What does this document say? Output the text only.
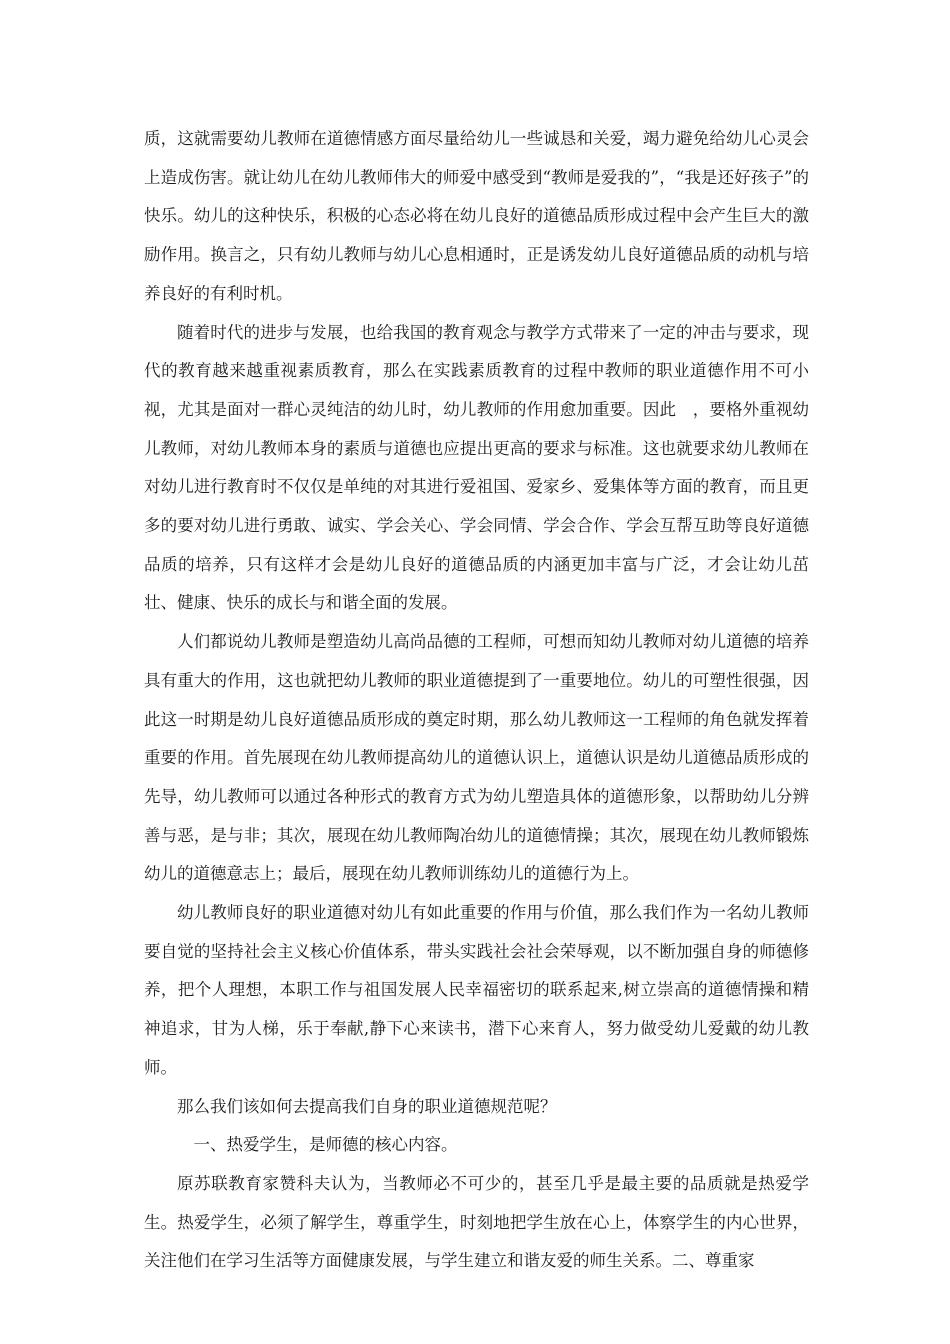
质，这就需要幼儿教师在道德情感方面尽量给幼儿一些诚恳和关爱，竭力避免给幼儿心灵会上造成伤害。就让幼儿在幼儿教师伟大的师爱中感受到“教师是爱我的”，“我是还好孩子”的快乐。幼儿的这种快乐，积极的心态必将在幼儿良好的道德品质形成过程中会产生巨大的激励作用。换言之，只有幼儿教师与幼儿心息相通时，正是诱发幼儿良好道德品质的动机与培养良好的有利时机。

随着时代的进步与发展，也给我国的教育观念与教学方式带来了一定的冲击与要求，现代的教育越来越重视素质教育，那么在实践素质教育的过程中教师的职业道德作用不可小视，尤其是面对一群心灵纯洁的幼儿时，幼儿教师的作用愈加重要。因此　，要格外重视幼儿教师，对幼儿教师本身的素质与道德也应提出更高的要求与标准。这也就要求幼儿教师在对幼儿进行教育时不仅仅是单纯的对其进行爱祖国、爱家乡、爱集体等方面的教育，而且更多的要对幼儿进行勇敢、诚实、学会关心、学会同情、学会合作、学会互帮互助等良好道德品质的培养，只有这样才会是幼儿良好的道德品质的内涵更加丰富与广泛，才会让幼儿茁壮、健康、快乐的成长与和谐全面的发展。

人们都说幼儿教师是塑造幼儿高尚品德的工程师，可想而知幼儿教师对幼儿道德的培养具有重大的作用，这也就把幼儿教师的职业道德提到了一重要地位。幼儿的可塑性很强，因此这一时期是幼儿良好道德品质形成的奠定时期，那么幼儿教师这一工程师的角色就发挥着重要的作用。首先展现在幼儿教师提高幼儿的道德认识上，道德认识是幼儿道德品质形成的先导，幼儿教师可以通过各种形式的教育方式为幼儿塑造具体的道德形象，以帮助幼儿分辨善与恶，是与非；其次，展现在幼儿教师陶冶幼儿的道德情操；其次，展现在幼儿教师锻炼幼儿的道德意志上；最后，展现在幼儿教师训练幼儿的道德行为上。

幼儿教师良好的职业道德对幼儿有如此重要的作用与价值，那么我们作为一名幼儿教师要自觉的坚持社会主义核心价值体系，带头实践社会社会荣辱观，以不断加强自身的师德修养，把个人理想，本职工作与祖国发展人民幸福密切的联系起来,树立崇高的道德情操和精神追求，甘为人梯，乐于奉献,静下心来读书，潜下心来育人，努力做受幼儿爱戴的幼儿教师。

那么我们该如何去提高我们自身的职业道德规范呢？

一、热爱学生，是师德的核心内容。

原苏联教育家赞科夫认为，当教师必不可少的，甚至几乎是最主要的品质就是热爱学生。热爱学生，必须了解学生，尊重学生，时刻地把学生放在心上，体察学生的内心世界，关注他们在学习生活等方面健康发展，与学生建立和谐友爱的师生关系。二、尊重家
